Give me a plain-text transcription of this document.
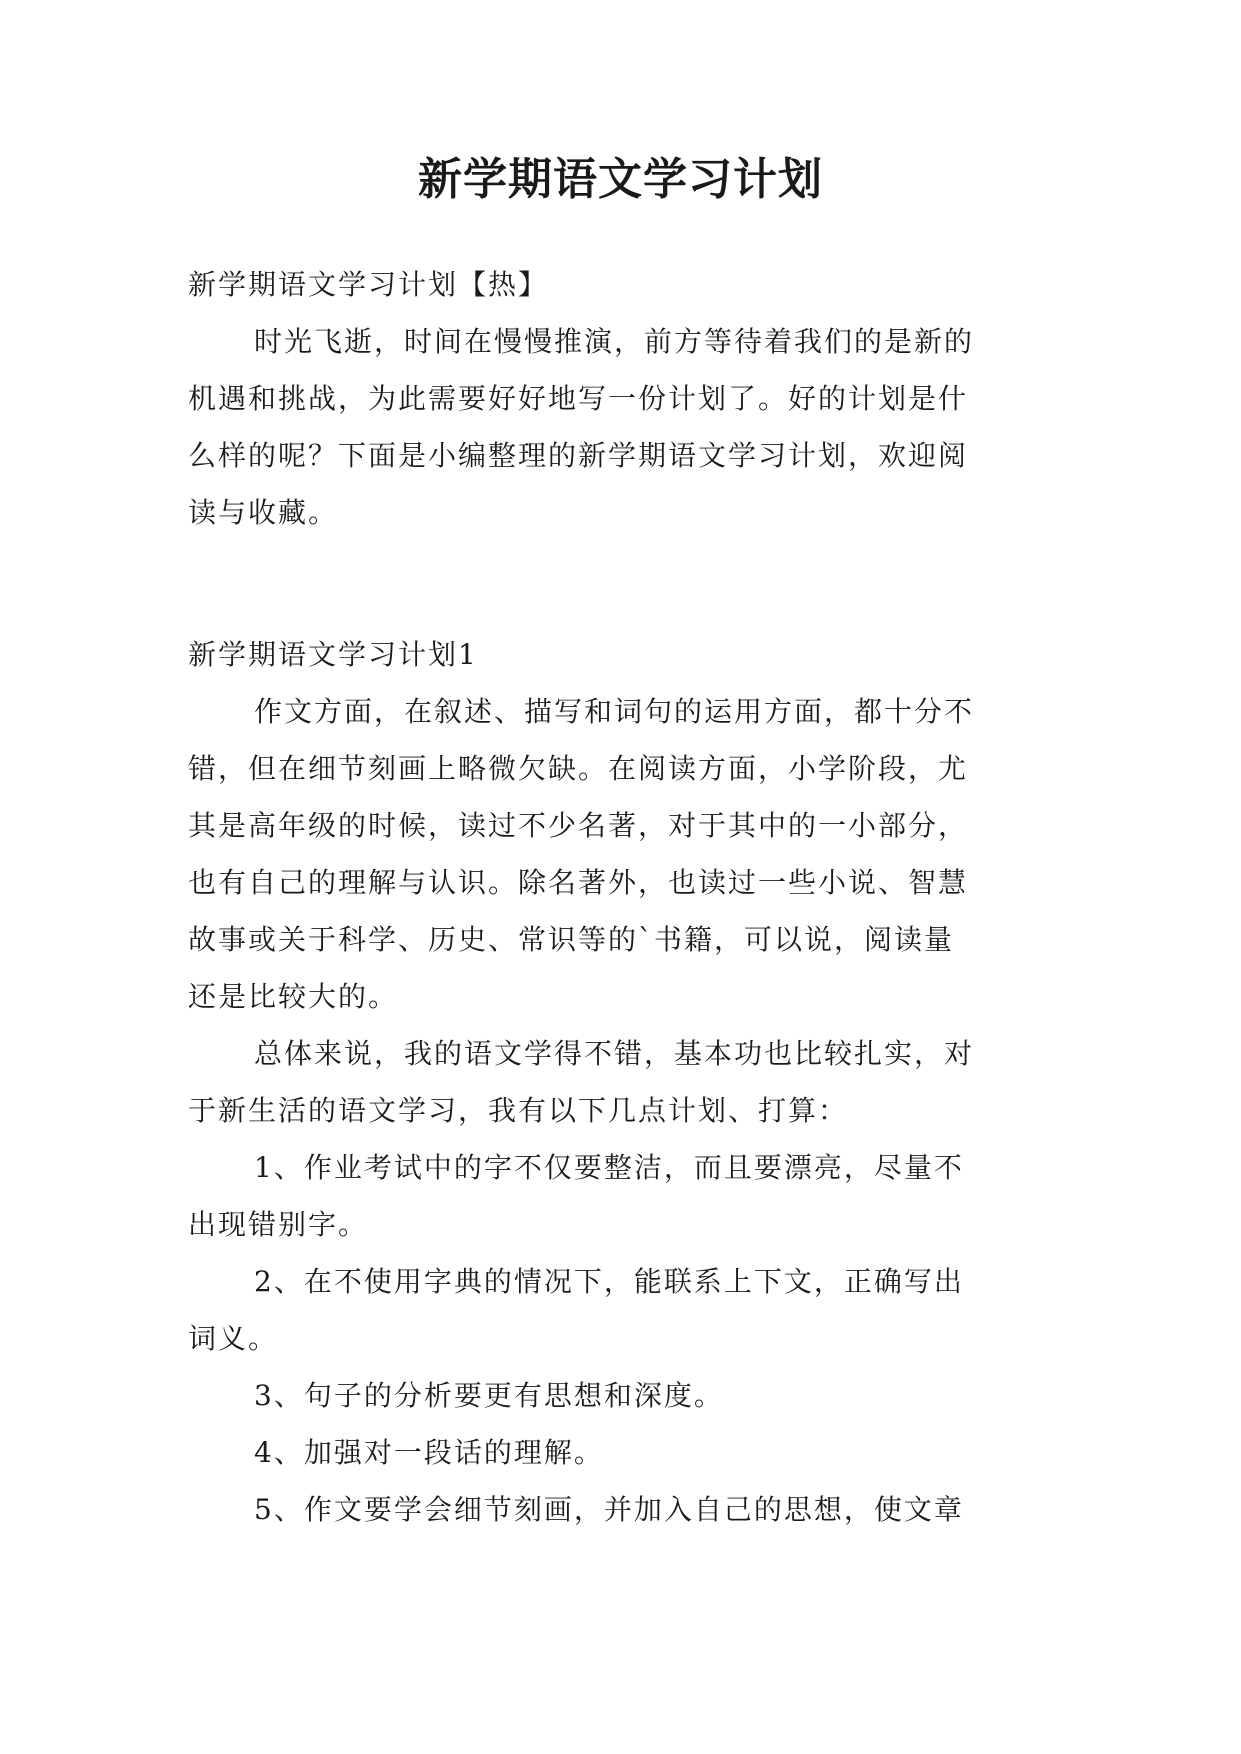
新学期语文学习计划
新学期语文学习计划【热】
时光飞逝，时间在慢慢推演，前方等待着我们的是新的
机遇和挑战，为此需要好好地写一份计划了。好的计划是什
么样的呢？下面是小编整理的新学期语文学习计划，欢迎阅
读与收藏。
新学期语文学习计划1
作文方面，在叙述、描写和词句的运用方面，都十分不
错，但在细节刻画上略微欠缺。在阅读方面，小学阶段，尤
其是高年级的时候，读过不少名著，对于其中的一小部分，
也有自己的理解与认识。除名著外，也读过一些小说、智慧
故事或关于科学、历史、常识等的`书籍，可以说，阅读量
还是比较大的。
总体来说，我的语文学得不错，基本功也比较扎实，对
于新生活的语文学习，我有以下几点计划、打算：
1、作业考试中的字不仅要整洁，而且要漂亮，尽量不
出现错别字。
2、在不使用字典的情况下，能联系上下文，正确写出
词义。
3、句子的分析要更有思想和深度。
4、加强对一段话的理解。
5、作文要学会细节刻画，并加入自己的思想，使文章
